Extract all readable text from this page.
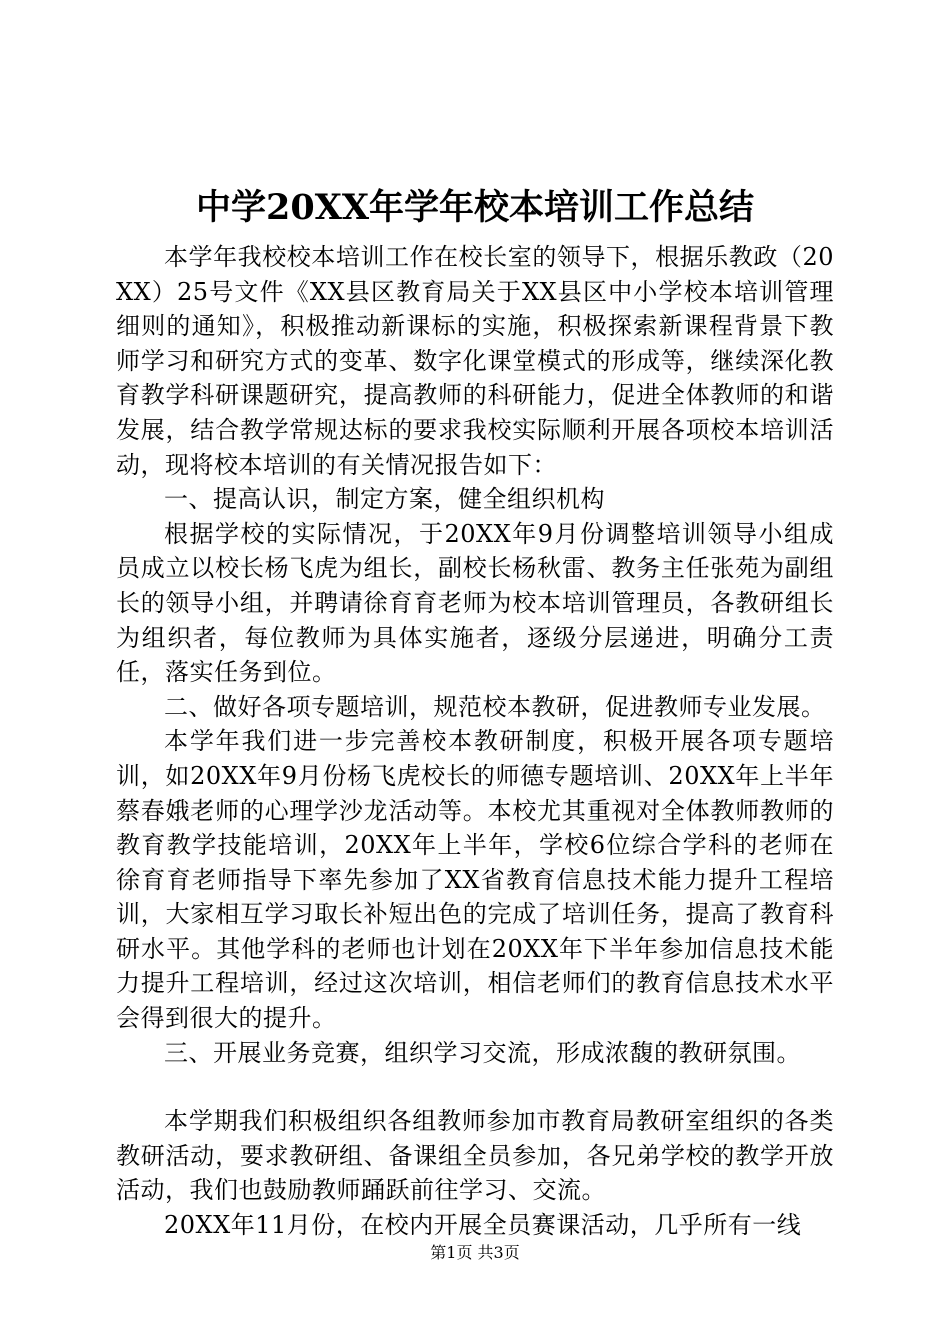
中学20XX年学年校本培训工作总结

本学年我校校本培训工作在校长室的领导下，根据乐教政（20XX）25号文件《XX县区教育局关于XX县区中小学校本培训管理细则的通知》，积极推动新课标的实施，积极探索新课程背景下教师学习和研究方式的变革、数字化课堂模式的形成等，继续深化教育教学科研课题研究，提高教师的科研能力，促进全体教师的和谐发展，结合教学常规达标的要求我校实际顺利开展各项校本培训活动，现将校本培训的有关情况报告如下：

一、提高认识，制定方案，健全组织机构

根据学校的实际情况，于20XX年9月份调整培训领导小组成员成立以校长杨飞虎为组长，副校长杨秋雷、教务主任张苑为副组长的领导小组，并聘请徐育育老师为校本培训管理员，各教研组长为组织者，每位教师为具体实施者，逐级分层递进，明确分工责任，落实任务到位。

二、做好各项专题培训，规范校本教研，促进教师专业发展。

本学年我们进一步完善校本教研制度，积极开展各项专题培训，如20XX年9月份杨飞虎校长的师德专题培训、20XX年上半年蔡春娥老师的心理学沙龙活动等。本校尤其重视对全体教师教师的教育教学技能培训，20XX年上半年，学校6位综合学科的老师在徐育育老师指导下率先参加了XX省教育信息技术能力提升工程培训，大家相互学习取长补短出色的完成了培训任务，提高了教育科研水平。其他学科的老师也计划在20XX年下半年参加信息技术能力提升工程培训，经过这次培训，相信老师们的教育信息技术水平会得到很大的提升。

三、开展业务竞赛，组织学习交流，形成浓馥的教研氛围。

本学期我们积极组织各组教师参加市教育局教研室组织的各类教研活动，要求教研组、备课组全员参加，各兄弟学校的教学开放活动，我们也鼓励教师踊跃前往学习、交流。

20XX年11月份，在校内开展全员赛课活动，几乎所有一线

第1页 共3页
